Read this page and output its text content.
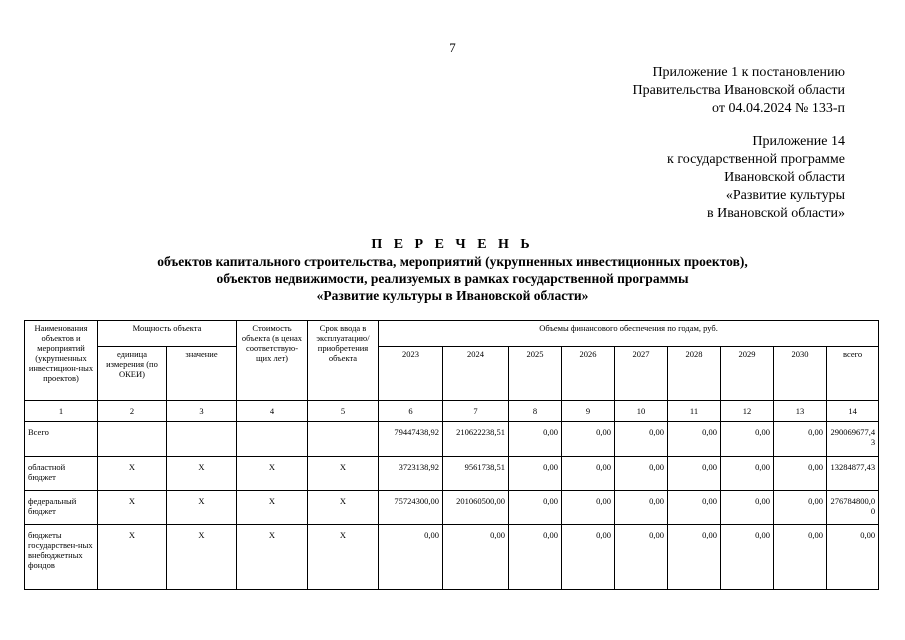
7
Приложение 1 к постановлению
Правительства Ивановской области
от 04.04.2024 № 133-п
Приложение 14
к государственной программе
Ивановской области
«Развитие культуры
в Ивановской области»
П Е Р Е Ч Е Н Ь
объектов капитального строительства, мероприятий (укрупненных инвестиционных проектов),
объектов недвижимости, реализуемых в рамках государственной программы
«Развитие культуры в Ивановской области»
Наименования объектов и мероприятий (укрупненных инвестицион-ных проектов)	Мощность объекта		Стоимость объекта (в ценах соответствую-щих лет)	Срок ввода в эксплуатацию/ приобретения объекта	Объемы финансового обеспечения по годам, руб.								
	единица измерения (по ОКЕИ)	значение			2023	2024	2025	2026	2027	2028	2029	2030	всего
1	2	3	4	5	6	7	8	9	10	11	12	13	14
Всего					79447438,92	210622238,51	0,00	0,00	0,00	0,00	0,00	0,00	290069677,43
областной бюджет	Х	Х	Х	Х	3723138,92	9561738,51	0,00	0,00	0,00	0,00	0,00	0,00	13284877,43
федеральный бюджет	Х	Х	Х	Х	75724300,00	201060500,00	0,00	0,00	0,00	0,00	0,00	0,00	276784800,00
бюджеты государствен-ных внебюджетных фондов	Х	Х	Х	Х	0,00	0,00	0,00	0,00	0,00	0,00	0,00	0,00	0,00
